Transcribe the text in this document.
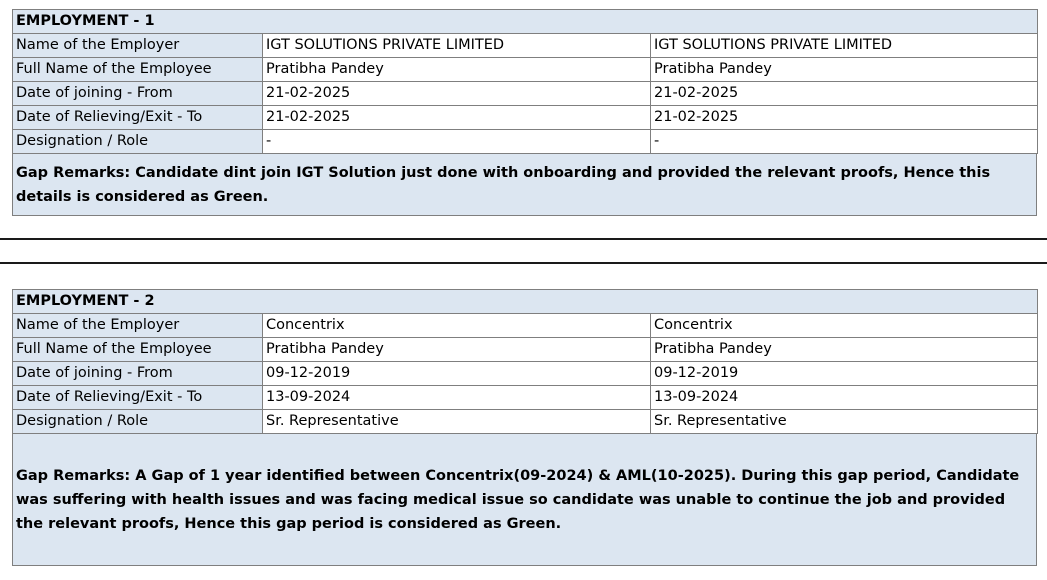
EMPLOYMENT - 1		
Name of the Employer	IGT SOLUTIONS PRIVATE LIMITED	IGT SOLUTIONS PRIVATE LIMITED
Full Name of the Employee	Pratibha Pandey	Pratibha Pandey
Date of joining - From	21-02-2025	21-02-2025
Date of Relieving/Exit - To	21-02-2025	21-02-2025
Designation / Role	-	-
Gap Remarks: Candidate dint join IGT Solution just done with onboarding and provided the relevant proofs, Hence this details is considered as Green.
EMPLOYMENT - 2		
Name of the Employer	Concentrix	Concentrix
Full Name of the Employee	Pratibha Pandey	Pratibha Pandey
Date of joining - From	09-12-2019	09-12-2019
Date of Relieving/Exit - To	13-09-2024	13-09-2024
Designation / Role	Sr. Representative	Sr. Representative
Gap Remarks: A Gap of 1 year identified between Concentrix(09-2024) & AML(10-2025). During this gap period, Candidate was suffering with health issues and was facing medical issue so candidate was unable to continue the job and provided the relevant proofs, Hence this gap period is considered as Green.
